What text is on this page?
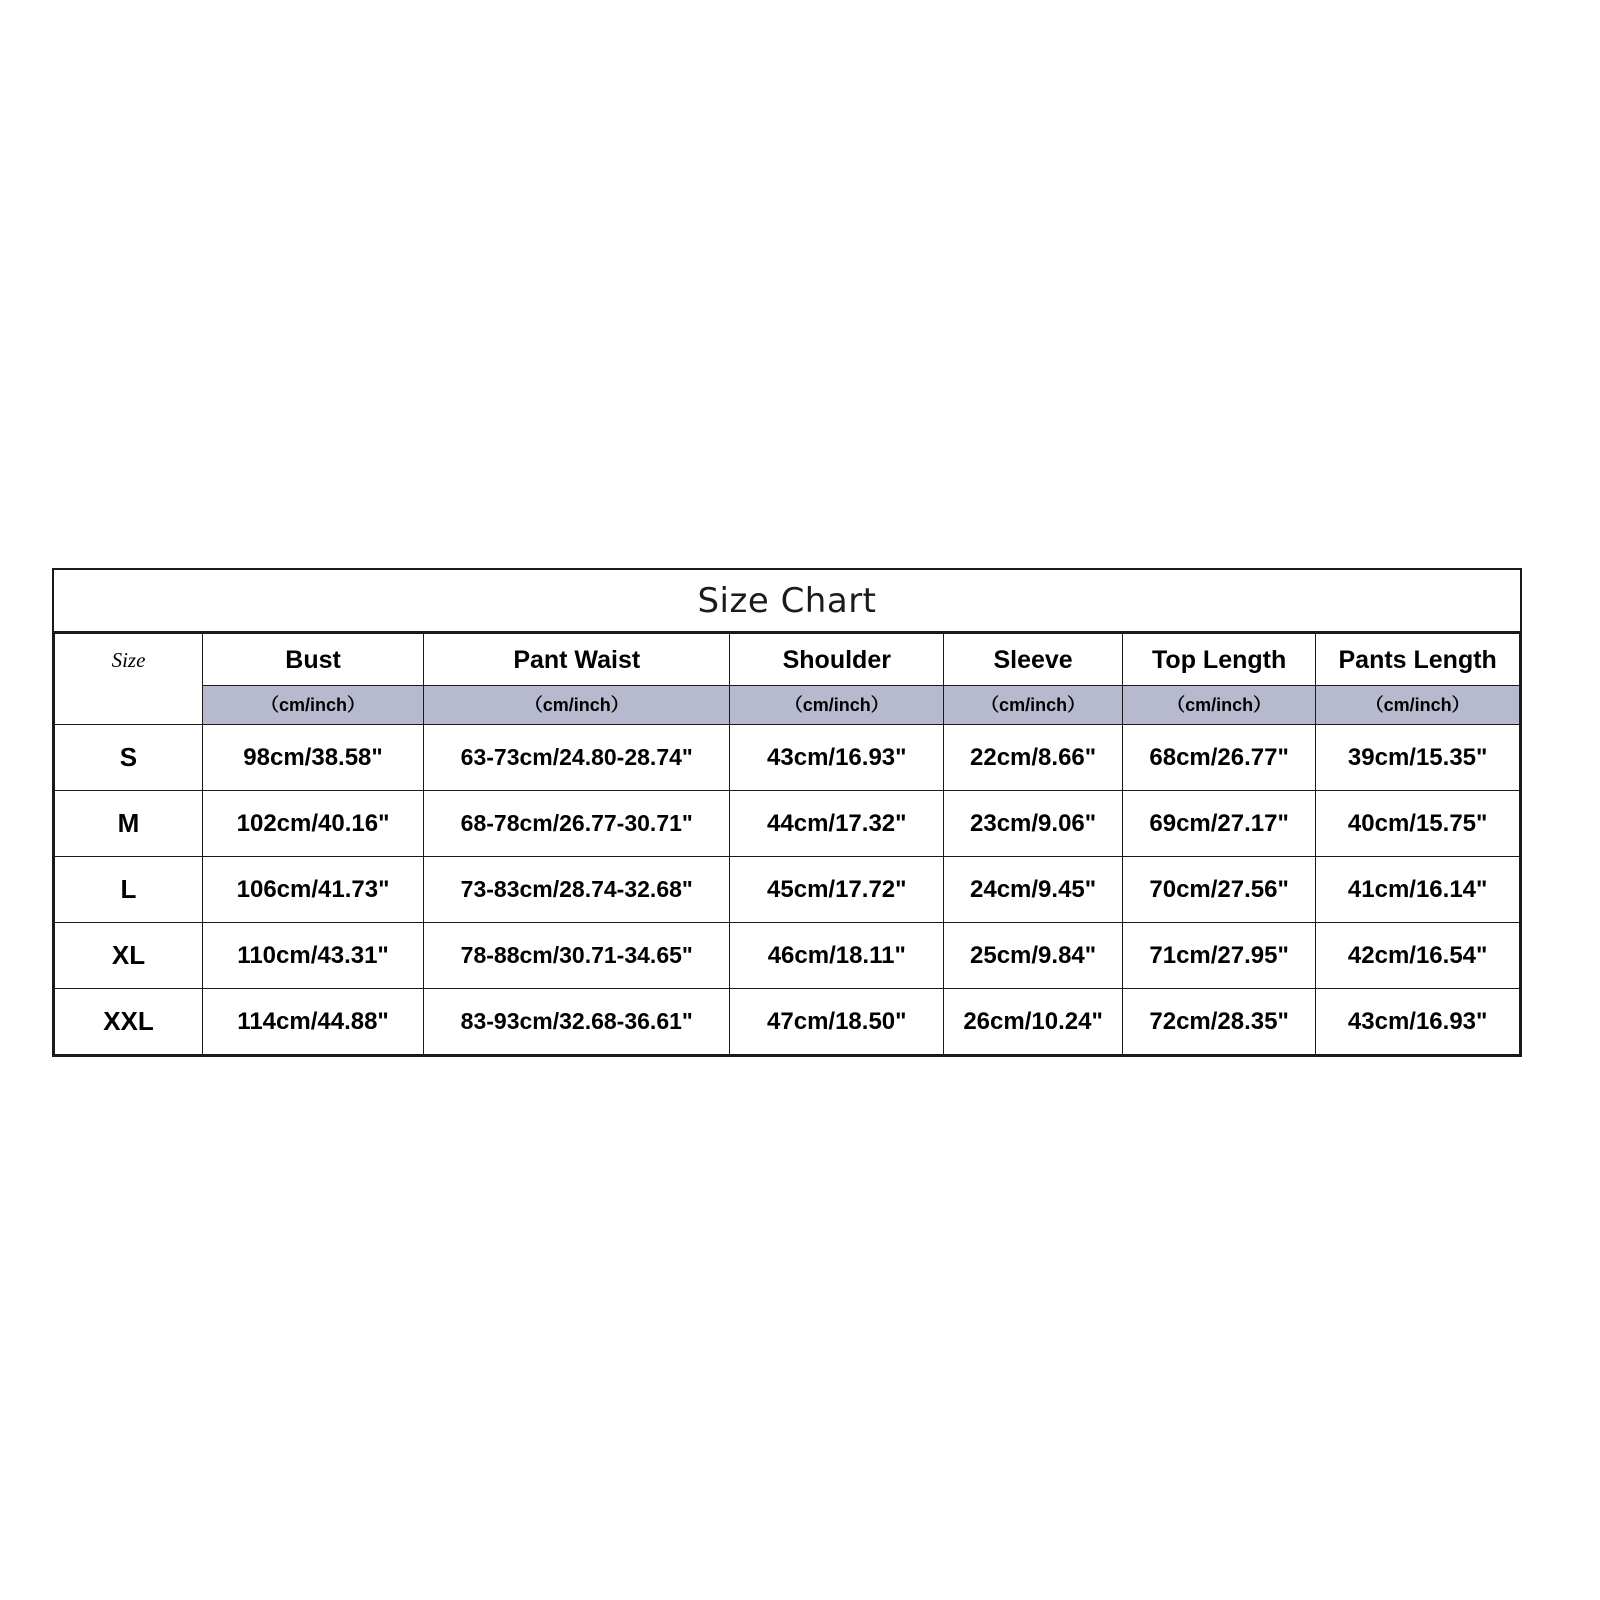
Size Chart
Size	Bust	Pant Waist	Shoulder	Sleeve	Top Length	Pants Length
	（cm/inch）	（cm/inch）	（cm/inch）	（cm/inch）	（cm/inch）	（cm/inch）
S	98cm/38.58"	63-73cm/24.80-28.74"	43cm/16.93"	22cm/8.66"	68cm/26.77"	39cm/15.35"
M	102cm/40.16"	68-78cm/26.77-30.71"	44cm/17.32"	23cm/9.06"	69cm/27.17"	40cm/15.75"
L	106cm/41.73"	73-83cm/28.74-32.68"	45cm/17.72"	24cm/9.45"	70cm/27.56"	41cm/16.14"
XL	110cm/43.31"	78-88cm/30.71-34.65"	46cm/18.11"	25cm/9.84"	71cm/27.95"	42cm/16.54"
XXL	114cm/44.88"	83-93cm/32.68-36.61"	47cm/18.50"	26cm/10.24"	72cm/28.35"	43cm/16.93"
